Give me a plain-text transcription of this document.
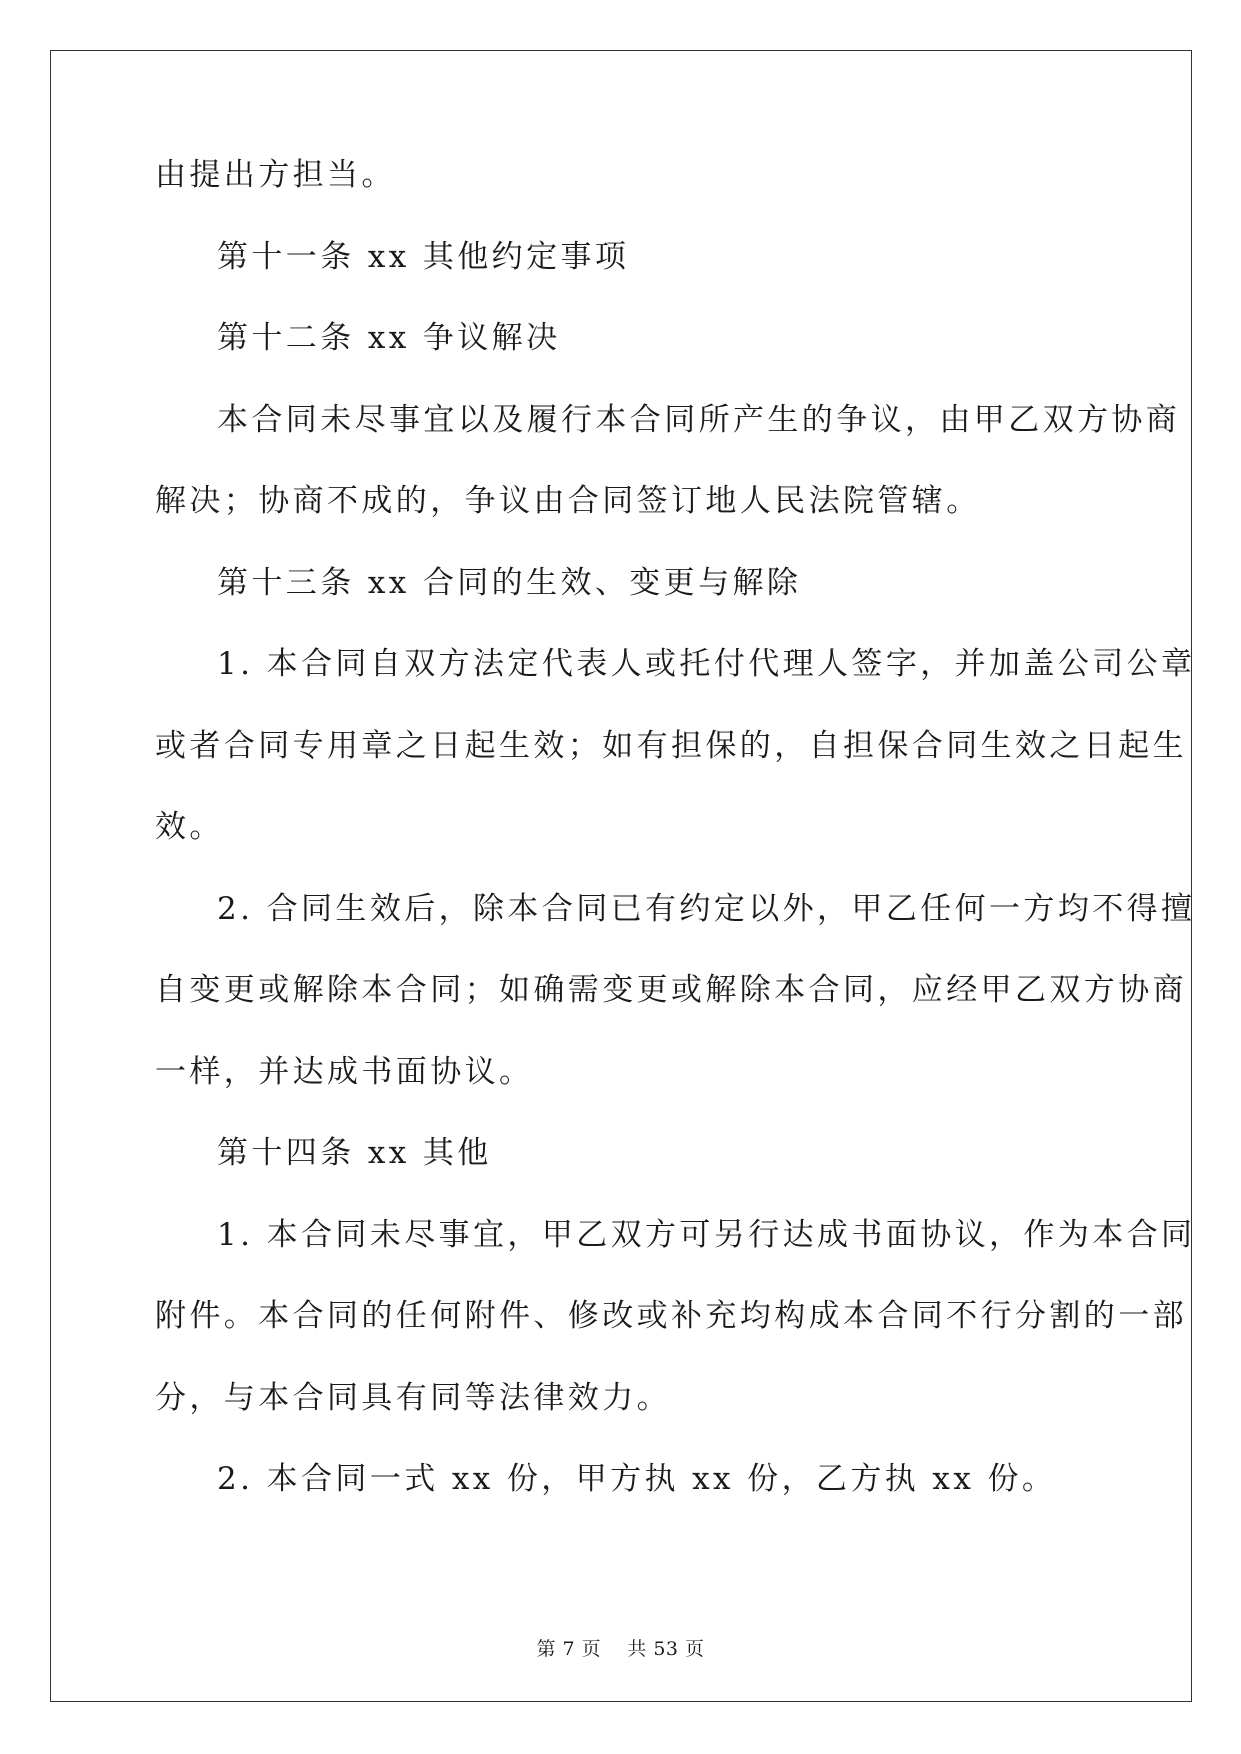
由提出方担当。
第十一条 xx 其他约定事项
第十二条 xx 争议解决
本合同未尽事宜以及履行本合同所产生的争议，由甲乙双方协商
解决；协商不成的，争议由合同签订地人民法院管辖。
第十三条 xx 合同的生效、变更与解除
1. 本合同自双方法定代表人或托付代理人签字，并加盖公司公章
或者合同专用章之日起生效；如有担保的，自担保合同生效之日起生
效。
2. 合同生效后，除本合同已有约定以外，甲乙任何一方均不得擅
自变更或解除本合同；如确需变更或解除本合同，应经甲乙双方协商
一样，并达成书面协议。
第十四条 xx 其他
1. 本合同未尽事宜，甲乙双方可另行达成书面协议，作为本合同
附件。本合同的任何附件、修改或补充均构成本合同不行分割的一部
分，与本合同具有同等法律效力。
2. 本合同一式 xx 份，甲方执 xx 份，乙方执 xx 份。
第 7 页 共 53 页
